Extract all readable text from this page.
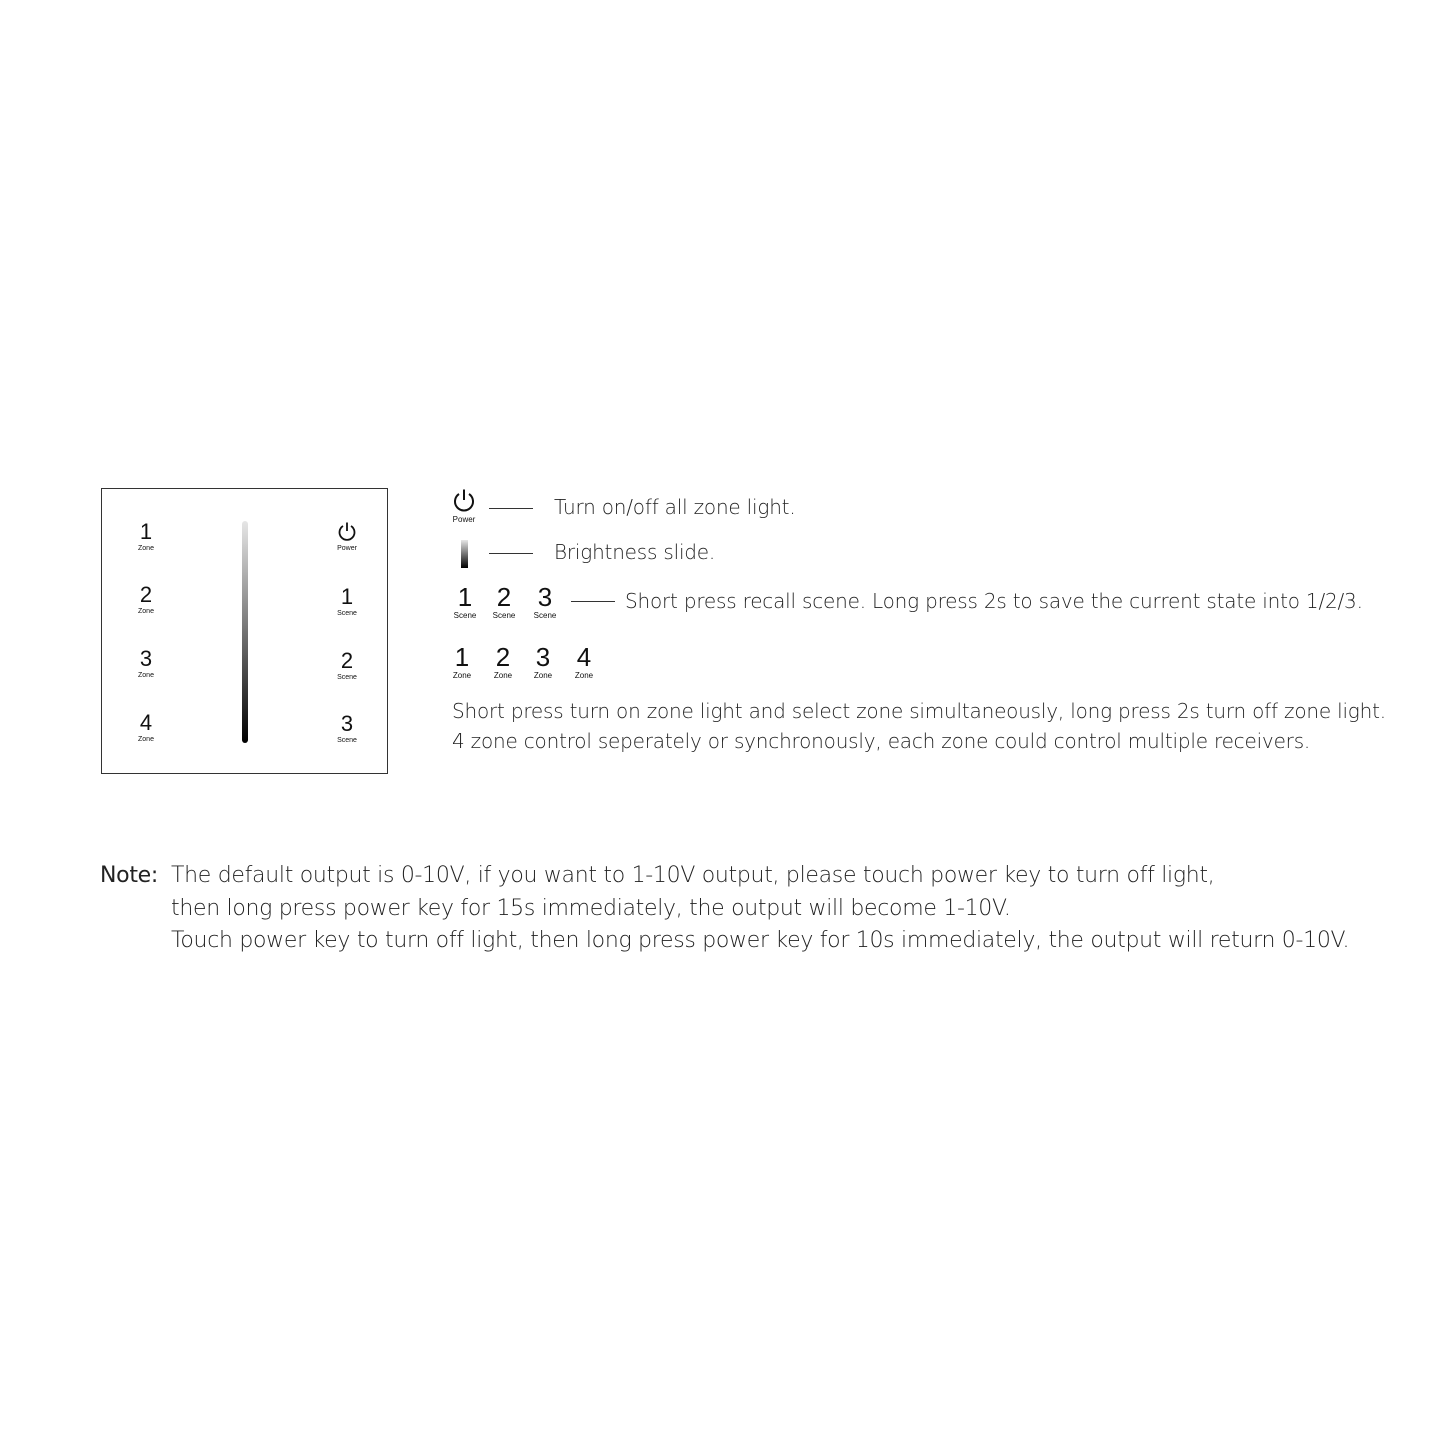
1
Zone
2
Zone
3
Zone
4
Zone
Power
1
Scene
2
Scene
3
Scene
Power
Turn on/off all zone light.
Brightness slide.
1
Scene
2
Scene
3
Scene
Short press recall scene. Long press 2s to save the current state into 1/2/3.
1
Zone
2
Zone
3
Zone
4
Zone
Short press turn on zone light and select zone simultaneously, long press 2s turn off zone light.
4 zone control seperately or synchronously, each zone could control multiple receivers.
Note: The default output is 0-10V, if you want to 1-10V output, please touch power key to turn off light,
then long press power key for 15s immediately, the output will become 1-10V.
Touch power key to turn off light, then long press power key for 10s immediately, the output will return 0-10V.
